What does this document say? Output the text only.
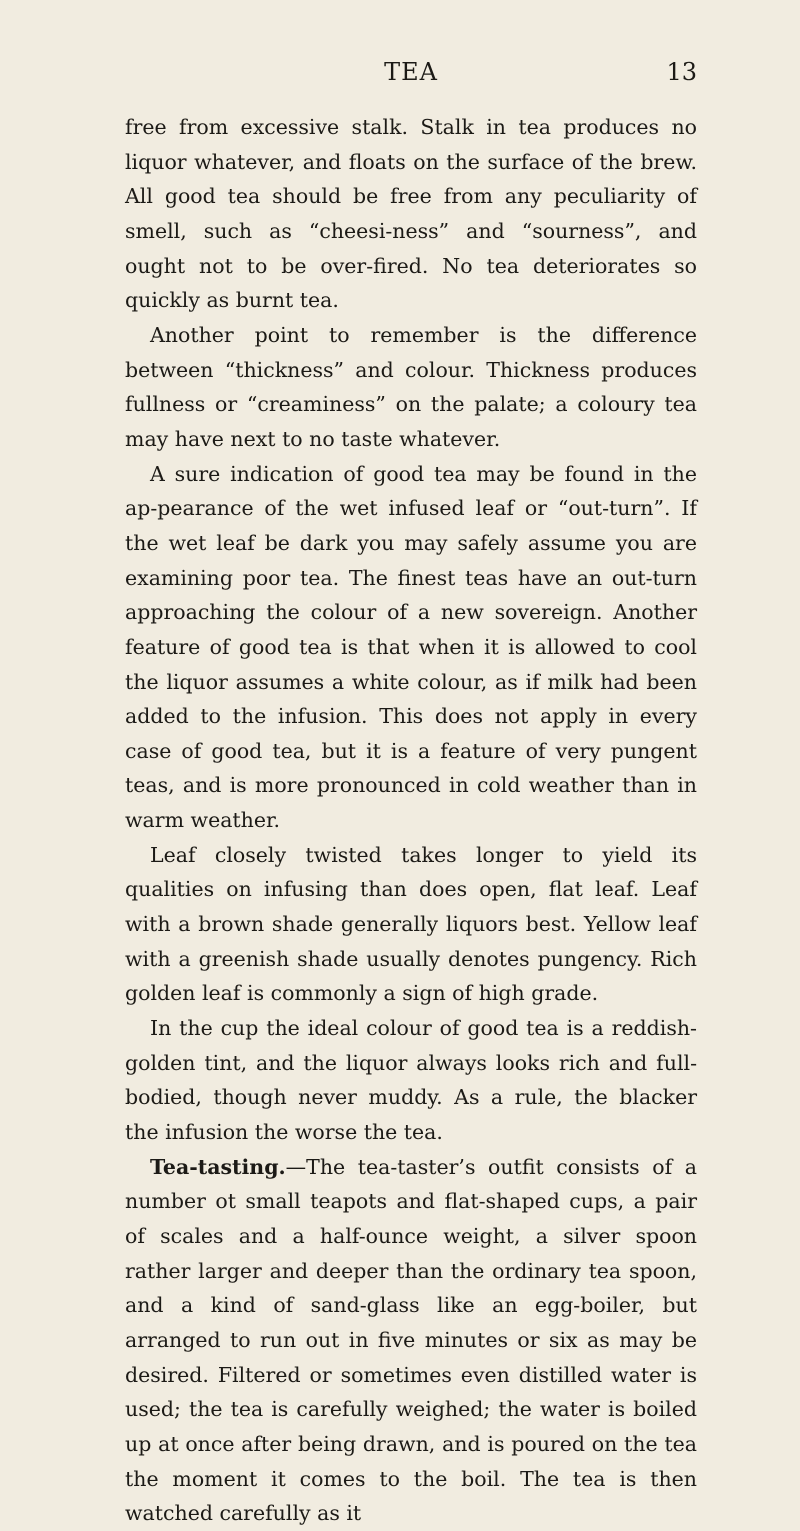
TEA	13

free from excessive stalk. Stalk in tea produces no liquor whatever, and floats on the surface of the brew. All good tea should be free from any peculiarity of smell, such as “cheesi-ness” and “sourness”, and ought not to be over-fired. No tea deteriorates so quickly as burnt tea.

Another point to remember is the difference between “thickness” and colour. Thickness produces fullness or “creaminess” on the palate; a coloury tea may have next to no taste whatever.

A sure indication of good tea may be found in the ap-pearance of the wet infused leaf or “out-turn”. If the wet leaf be dark you may safely assume you are examining poor tea. The finest teas have an out-turn approaching the colour of a new sovereign. Another feature of good tea is that when it is allowed to cool the liquor assumes a white colour, as if milk had been added to the infusion. This does not apply in every case of good tea, but it is a feature of very pungent teas, and is more pronounced in cold weather than in warm weather.

Leaf closely twisted takes longer to yield its qualities on infusing than does open, flat leaf. Leaf with a brown shade generally liquors best. Yellow leaf with a greenish shade usually denotes pungency. Rich golden leaf is commonly a sign of high grade.

In the cup the ideal colour of good tea is a reddish-golden tint, and the liquor always looks rich and full-bodied, though never muddy. As a rule, the blacker the infusion the worse the tea.

Tea-tasting.—The tea-taster’s outfit consists of a number ot small teapots and flat-shaped cups, a pair of scales and a half-ounce weight, a silver spoon rather larger and deeper than the ordinary tea spoon, and a kind of sand-glass like an egg-boiler, but arranged to run out in five minutes or six as may be desired. Filtered or sometimes even distilled water is used; the tea is carefully weighed; the water is boiled up at once after being drawn, and is poured on the tea the moment it comes to the boil. The tea is then watched carefully as it
